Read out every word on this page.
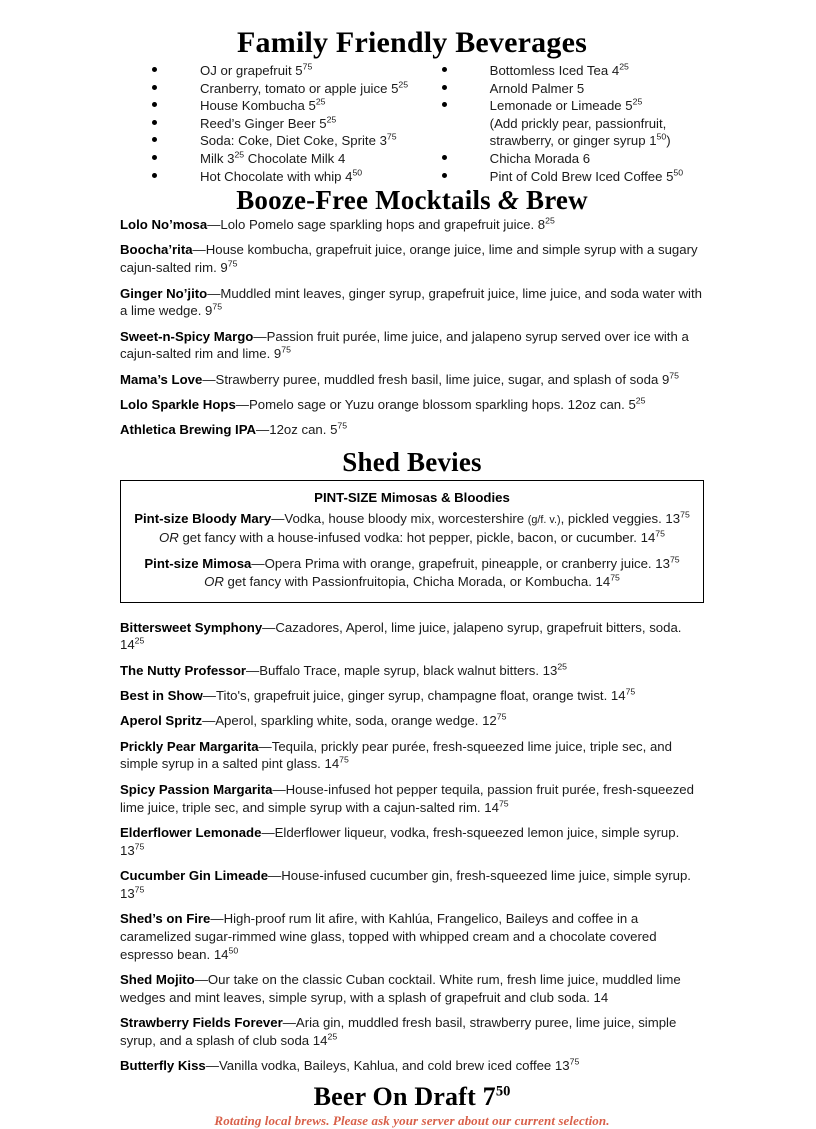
Family Friendly Beverages
OJ or grapefruit $5^{75}$
Cranberry, tomato or apple juice $5^{25}$
House Kombucha $5^{25}$
Reed’s Ginger Beer $5^{25}$
Soda: Coke, Diet Coke, Sprite $3^{75}$
Milk $3^{25}$ Chocolate Milk 4
Hot Chocolate with whip $4^{50}$
Bottomless Iced Tea $4^{25}$
Arnold Palmer 5
Lemonade or Limeade $5^{25}$
(Add prickly pear, passionfruit, strawberry, or ginger syrup $1^{50}$)
Chicha Morada 6
Pint of Cold Brew Iced Coffee $5^{50}$
Booze-Free Mocktails & Brew

Lolo No’mosa—Lolo Pomelo sage sparkling hops and grapefruit juice. $8^{25}$

Boocha’rita—House kombucha, grapefruit juice, orange juice, lime and simple syrup with a sugary cajun-salted rim. $9^{75}$

Ginger No’jito—Muddled mint leaves, ginger syrup, grapefruit juice, lime juice, and soda water with a lime wedge. $9^{75}$

Sweet-n-Spicy Margo—Passion fruit purée, lime juice, and jalapeno syrup served over ice with a cajun-salted rim and lime. $9^{75}$

Mama’s Love—Strawberry puree, muddled fresh basil, lime juice, sugar, and splash of soda $9^{75}$

Lolo Sparkle Hops—Pomelo sage or Yuzu orange blossom sparkling hops. 12oz can. $5^{25}$

Athletica Brewing IPA—12oz can. $5^{75}$

Shed Bevies
PINT-SIZE Mimosas & Bloodies
Pint-size Bloody Mary—Vodka, house bloody mix, worcestershire (g/f. v.), pickled veggies. $13^{75}$
OR get fancy with a house-infused vodka: hot pepper, pickle, bacon, or cucumber. $14^{75}$
Pint-size Mimosa—Opera Prima with orange, grapefruit, pineapple, or cranberry juice. $13^{75}$
OR get fancy with Passionfruitopia, Chicha Morada, or Kombucha. $14^{75}$

Bittersweet Symphony—Cazadores, Aperol, lime juice, jalapeno syrup, grapefruit bitters, soda. $14^{25}$

The Nutty Professor—Buffalo Trace, maple syrup, black walnut bitters. $13^{25}$

Best in Show—Tito's, grapefruit juice, ginger syrup, champagne float, orange twist. $14^{75}$

Aperol Spritz—Aperol, sparkling white, soda, orange wedge. $12^{75}$

Prickly Pear Margarita—Tequila, prickly pear purée, fresh-squeezed lime juice, triple sec, and simple syrup in a salted pint glass. $14^{75}$

Spicy Passion Margarita—House-infused hot pepper tequila, passion fruit purée, fresh-squeezed lime juice, triple sec, and simple syrup with a cajun-salted rim. $14^{75}$

Elderflower Lemonade—Elderflower liqueur, vodka, fresh-squeezed lemon juice, simple syrup. $13^{75}$

Cucumber Gin Limeade—House-infused cucumber gin, fresh-squeezed lime juice, simple syrup. $13^{75}$

Shed’s on Fire—High-proof rum lit afire, with Kahlúa, Frangelico, Baileys and coffee in a caramelized sugar-rimmed wine glass, topped with whipped cream and a chocolate covered espresso bean. $14^{50}$

Shed Mojito—Our take on the classic Cuban cocktail. White rum, fresh lime juice, muddled lime wedges and mint leaves, simple syrup, with a splash of grapefruit and club soda. 14

Strawberry Fields Forever—Aria gin, muddled fresh basil, strawberry puree, lime juice, simple syrup, and a splash of club soda $14^{25}$

Butterfly Kiss—Vanilla vodka, Baileys, Kahlua, and cold brew iced coffee $13^{75}$

Beer On Draft $7^{50}$
Rotating local brews. Please ask your server about our current selection.
